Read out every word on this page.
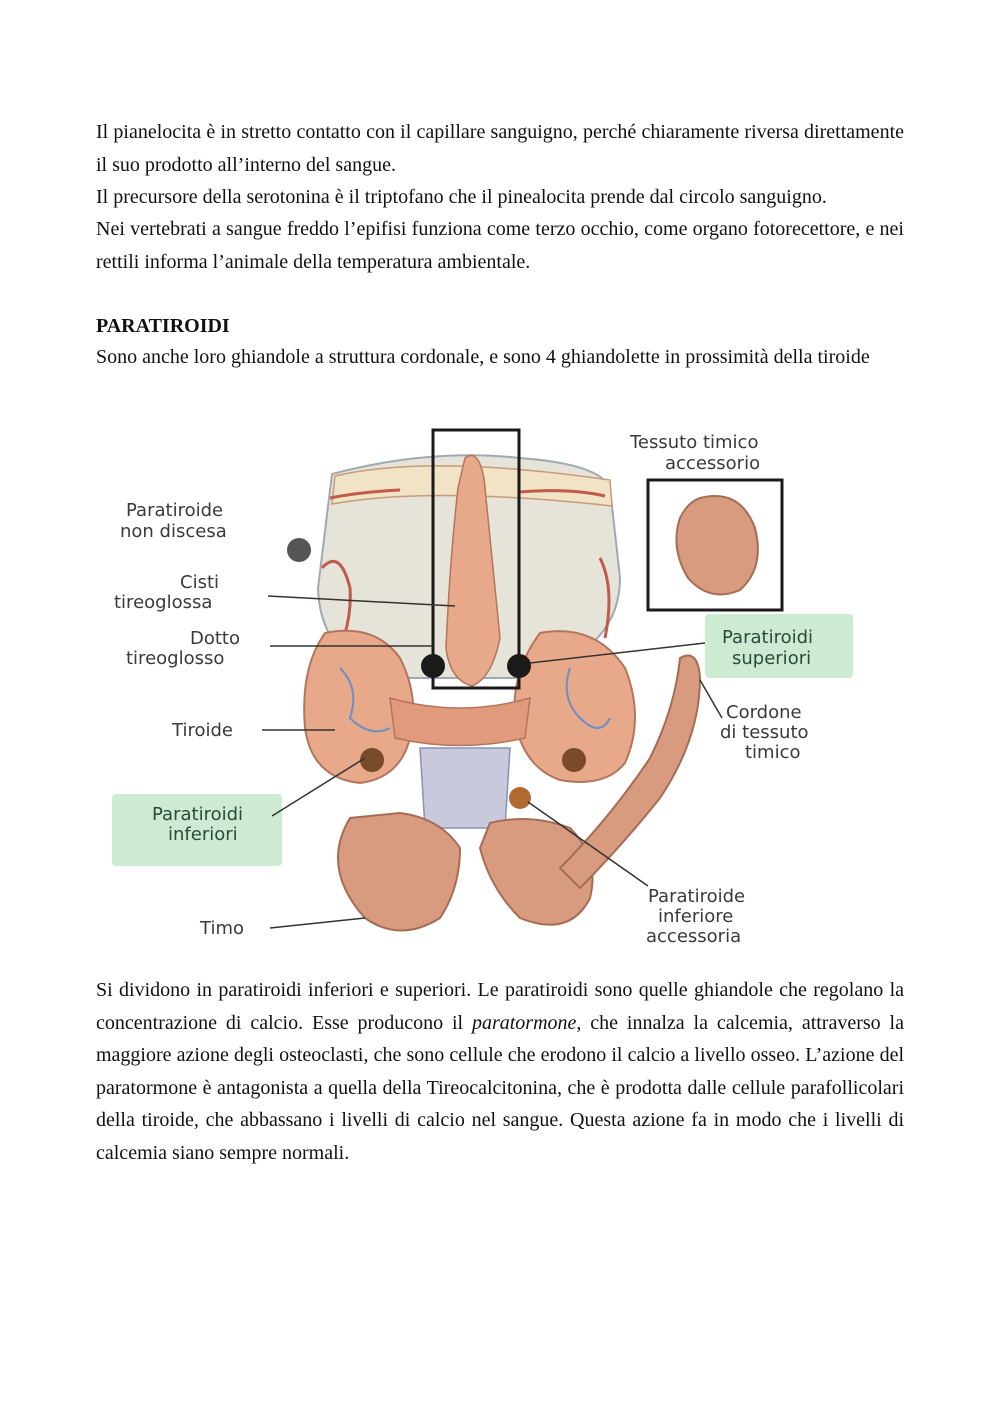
Il pianelocita è in stretto contatto con il capillare sanguigno, perché chiaramente riversa direttamente il suo prodotto all’interno del sangue.
Il precursore della serotonina è il triptofano che il pinealocita prende dal circolo sanguigno.
Nei vertebrati a sangue freddo l’epifisi funziona come terzo occhio, come organo fotorecettore, e nei rettili informa l’animale della temperatura ambientale.
PARATIROIDI
Sono anche loro ghiandole a struttura cordonale, e sono 4 ghiandolette in prossimità della tiroide
Tessuto timico
accessorio
Paratiroide
non discesa
Cisti
tireoglossa
Dotto
tireoglosso
Paratiroidi
superiori
Cordone
di tessuto
timico
Tiroide
Paratiroidi
inferiori
Timo
Paratiroide
inferiore
accessoria
Si dividono in paratiroidi inferiori e superiori. Le paratiroidi sono quelle ghiandole che regolano la concentrazione di calcio. Esse producono il paratormone, che innalza la calcemia, attraverso la maggiore azione degli osteoclasti, che sono cellule che erodono il calcio a livello osseo. L’azione del paratormone è antagonista a quella della Tireocalcitonina, che è prodotta dalle cellule parafollicolari della tiroide, che abbassano i livelli di calcio nel sangue. Questa azione fa in modo che i livelli di calcemia siano sempre normali.
